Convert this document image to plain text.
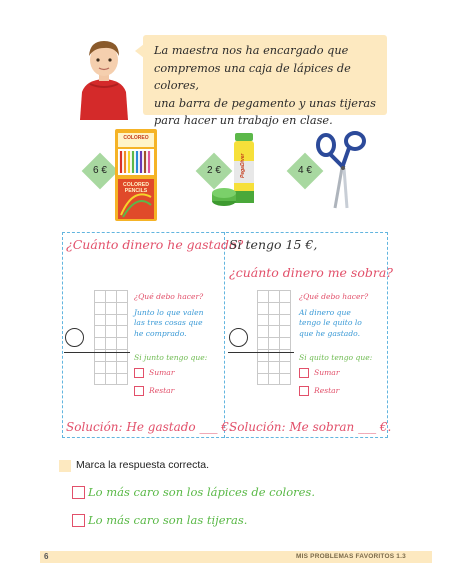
La maestra nos ha encargado que
compremos una caja de lápices de colores,
una barra de pegamento y unas tijeras
para hacer un trabajo en clase.
6 €
COLOREO
COLORED PENCILS
2 €	PegaDiver	4 €
¿Cuánto dinero he gastado?

¿Qué debo hacer?
Junto lo que valen
las tres cosas que
he comprado.
Si junto tengo que:
Sumar
Restar
Solución: He gastado ___ €.
Si tengo 15 €,
¿cuánto dinero me sobra?

¿Qué debo hacer?
Al dinero que
tengo le quito lo
que he gastado.
Si quito tengo que:
Sumar
Restar
Solución: Me sobran ___ €.
Marca la respuesta correcta.
Lo más caro son los lápices de colores.
Lo más caro son las tijeras.
6	MIS PROBLEMAS FAVORITOS 1.3
